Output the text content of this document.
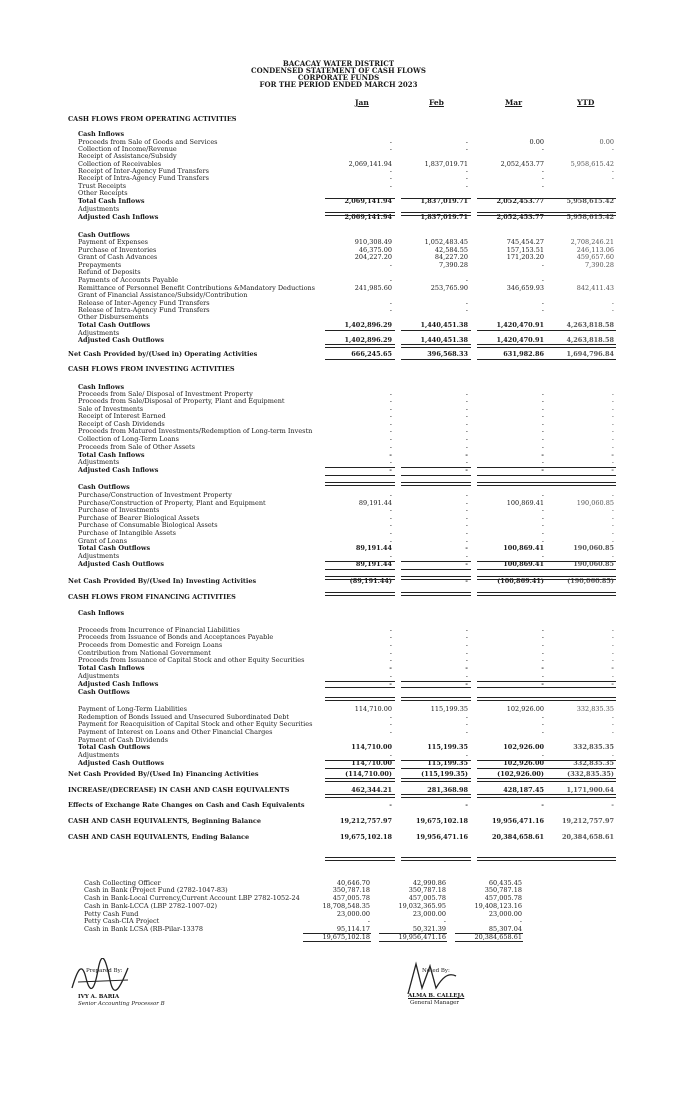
BACACAY WATER DISTRICT
CONDENSED STATEMENT OF CASH FLOWS
CORPORATE FUNDS
FOR THE PERIOD ENDED MARCH 2023
Jan	Feb	Mar	YTD
CASH FLOWS FROM OPERATING ACTIVITIES
Cash Inflows
Proceeds from Sale of Goods and Services	-	-	0.00	0.00
Collection of Income/Revenue	-	-	-	-
Receipt of Assistance/Subsidy
Collection of Receivables	2,069,141.94	1,837,019.71	2,052,453.77	5,958,615.42
Receipt of Inter-Agency Fund Transfers	-	-	-	-
Receipt of Intra-Agency Fund Transfers	-	-	-	-
Trust Receipts	-	-	-
Other Receipts
Total Cash Inflows	2,069,141.94	1,837,019.71	2,052,453.77	5,958,615.42
Adjustments
Adjusted Cash Inflows	2,069,141.94	1,837,019.71	2,052,453.77	5,958,615.42
Cash Outflows
Payment of Expenses	910,308.49	1,052,483.45	745,454.27	2,708,246.21
Purchase of Inventories	46,375.00	42,584.55	157,153.51	246,113.06
Grant of Cash Advances	204,227.20	84,227.20	171,203.20	459,657.60
Prepayments	-	7,390.28	-	7,390.28
Refund of Deposits
Payments of Accounts Payable	-	-	-
Remittance of Personnel Benefit Contributions &Mandatory Deductions	241,985.60	253,765.90	346,659.93	842,411.43
Grant of Financial Assistance/Subsidy/Contribution
Release of Inter-Agency Fund Transfers	-	-	-	-
Release of Intra-Agency Fund Transfers	-	-	-	-
Other Disbursements
Total Cash Outflows	1,402,896.29	1,440,451.38	1,420,470.91	4,263,818.58
Adjustments
Adjusted Cash Outflows	1,402,896.29	1,440,451.38	1,420,470.91	4,263,818.58
Net Cash Provided by/(Used in) Operating Activities	666,245.65	396,568.33	631,982.86	1,694,796.84
CASH FLOWS FROM INVESTING ACTIVITIES
Cash Inflows
Proceeds from Sale/ Disposal of Investment Property	-	-	-	-
Proceeds from Sale/Disposal of Property, Plant and Equipment	-	-	-	-
Sale of Investments	-	-	-	-
Receipt of Interest Earned	-	-	-	-
Receipt of Cash Dividends	-	-	-	-
Proceeds from Matured Investments/Redemption of Long-term Investn	-	-	-	-
Collection of Long-Term Loans	-	-	-	-
Proceeds from Sale of Other Assets	-	-	-	-
Total Cash Inflows	-	-	-	-
Adjustments	-	-	-	-
Adjusted Cash Inflows	-	-	-	-
Cash Outflows
Purchase/Construction of Investment Property	-	-	-	-
Purchase/Construction of Property, Plant and Equipment	89,191.44	-	100,869.41	190,060.85
Purchase of Investments	-	-	-	-
Purchase of Bearer Biological Assets	-	-	-	-
Purchase of Consumable Biological Assets	-	-	-	-
Purchase of Intangible Assets	-	-	-	-
Grant of Loans	-	-	-	-
Total Cash Outflows	89,191.44	-	100,869.41	190,060.85
Adjustments	-	-	-	-
Adjusted Cash Outflows	89,191.44	-	100,869.41	190,060.85
Net Cash Provided By/(Used In) Investing Activities	(89,191.44)	-	(100,869.41)	(190,060.85)
CASH FLOWS FROM FINANCING ACTIVITIES
Cash Inflows
Proceeds from Incurrence of Financial Liabilities	-	-	-	-
Proceeds from Issuance of Bonds and Acceptances Payable	-	-	-	-
Proceeds from Domestic and Foreign Loans	-	-	-	-
Contribution from National Government	-	-	-	-
Proceeds from Issuance of Capital Stock and other Equity Securities	-	-	-	-
Total Cash Inflows	-	-	-	-
Adjustments	-	-	-	-
Adjusted Cash Inflows	-	-	-	-
Cash Outflows
Payment of Long-Term Liabilities	114,710.00	115,199.35	102,926.00	332,835.35
Redemption of Bonds Issued and Unsecured Subordinated Debt	-	-	-	-
Payment for Reacquisition of Capital Stock and other Equity Securities	-	-	-	-
Payment of Interest on Loans and Other Financial Charges	-	-	-	-
Payment of Cash Dividends
Total Cash Outflows	114,710.00	115,199.35	102,926.00	332,835.35
Adjustments	-	-	-	-
Adjusted Cash Outflows	114,710.00	115,199.35	102,926.00	332,835.35
Net Cash Provided By/(Used In) Financing Activities	(114,710.00)	(115,199.35)	(102,926.00)	(332,835.35)
INCREASE/(DECREASE) IN CASH AND CASH EQUIVALENTS	462,344.21	281,368.98	428,187.45	1,171,900.64
Effects of Exchange Rate Changes on Cash and Cash Equivalents	-	-	-	-
CASH AND CASH EQUIVALENTS, Beginning Balance	19,212,757.97	19,675,102.18	19,956,471.16	19,212,757.97
CASH AND CASH EQUIVALENTS, Ending Balance	19,675,102.18	19,956,471.16	20,384,658.61	20,384,658.61
Cash Collecting Officer	40,646.70	42,990.86	60,435.45
Cash in Bank (Project Fund (2782-1047-83)	350,787.18	350,787.18	350,787.18
Cash in Bank-Local Currency,Current Account LBP 2782-1052-24	457,005.78	457,005.78	457,005.78
Cash in Bank-LCCA (LBP 2782-1007-02)	18,708,548.35	19,032,365.95	19,408,123.16
Petty Cash Fund	23,000.00	23,000.00	23,000.00
Petty Cash-CIA Project	-	-	-
Cash in Bank LCSA (RB-Pilar-13378	95,114.17	50,321.39	85,307.04
19,675,102.18	19,956,471.16	20,384,658.61
Prepared By:
IVY A. BARIA
Senior Accounting Processor B
Noted By:
ALMA B. CALLEJA
General Manager
